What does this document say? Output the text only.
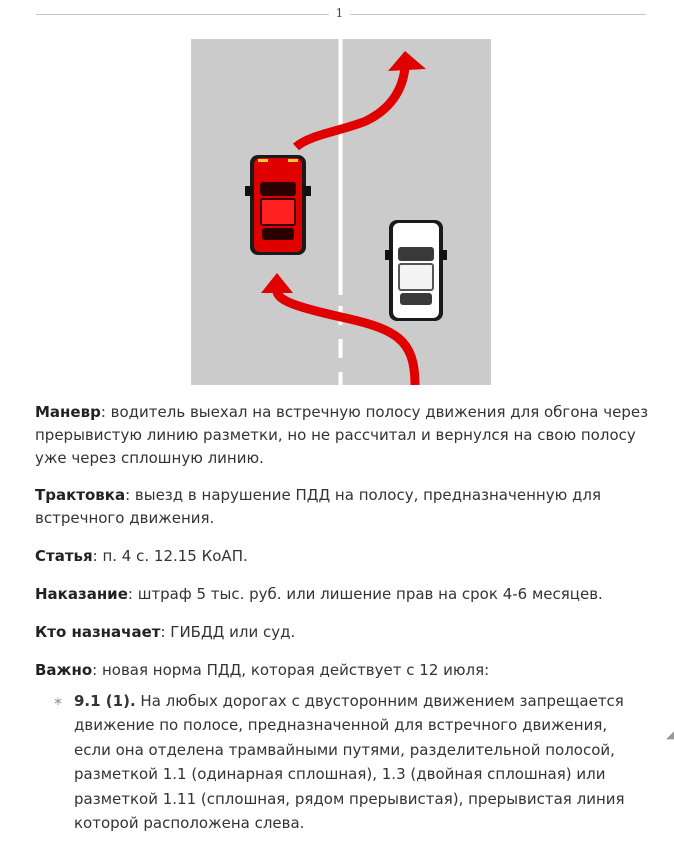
1

Маневр: водитель выехал на встречную полосу движения для обгона через прерывистую линию разметки, но не рассчитал и вернулся на свою полосу уже через сплошную линию.

Трактовка: выезд в нарушение ПДД на полосу, предназначенную для встречного движения.

Статья: п. 4 с. 12.15 КоАП.

Наказание: штраф 5 тыс. руб. или лишение прав на срок 4-6 месяцев.

Кто назначает: ГИБДД или суд.

Важно: новая норма ПДД, которая действует с 12 июля:

∗ 9.1 (1). На любых дорогах с двусторонним движением запрещается движение по полосе, предназначенной для встречного движения, если она отделена трамвайными путями, разделительной полосой, разметкой 1.1 (одинарная сплошная), 1.3 (двойная сплошная) или разметкой 1.11 (сплошная, рядом прерывистая), прерывистая линия которой расположена слева.
◢
